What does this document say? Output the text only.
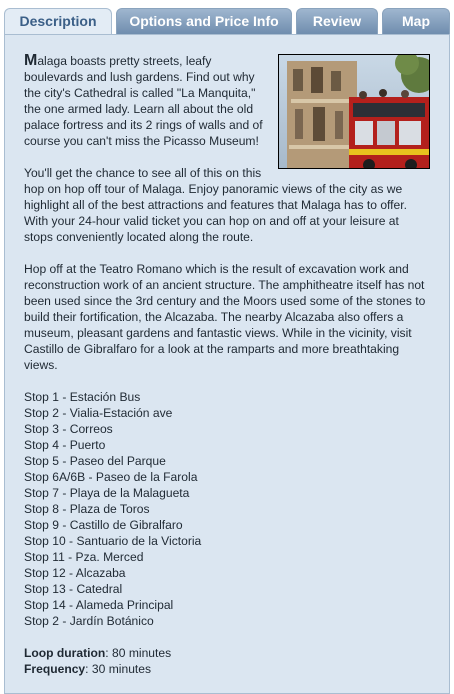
Description	Options and Price Info	Review	Map

Malaga boasts pretty streets, leafy boulevards and lush gardens. Find out why the city's Cathedral is called "La Manquita," the one armed lady. Learn all about the old palace fortress and its 2 rings of walls and of course you can't miss the Picasso Museum!

You'll get the chance to see all of this on this hop on hop off tour of Malaga. Enjoy panoramic views of the city as we highlight all of the best attractions and features that Malaga has to offer. With your 24-hour valid ticket you can hop on and off at your leisure at stops conveniently located along the route.

Hop off at the Teatro Romano which is the result of excavation work and reconstruction work of an ancient structure. The amphitheatre itself has not been used since the 3rd century and the Moors used some of the stones to build their fortification, the Alcazaba. The nearby Alcazaba also offers a museum, pleasant gardens and fantastic views. While in the vicinity, visit Castillo de Gibralfaro for a look at the ramparts and more breathtaking views.

Stop 1 - Estación Bus
Stop 2 - Vialia-Estación ave
Stop 3 - Correos
Stop 4 - Puerto
Stop 5 - Paseo del Parque
Stop 6A/6B - Paseo de la Farola
Stop 7 - Playa de la Malagueta
Stop 8 - Plaza de Toros
Stop 9 - Castillo de Gibralfaro
Stop 10 - Santuario de la Victoria
Stop 11 - Pza. Merced
Stop 12 - Alcazaba
Stop 13 - Catedral
Stop 14 - Alameda Principal
Stop 2 - Jardín Botánico
Loop duration: 80 minutes
Frequency: 30 minutes
